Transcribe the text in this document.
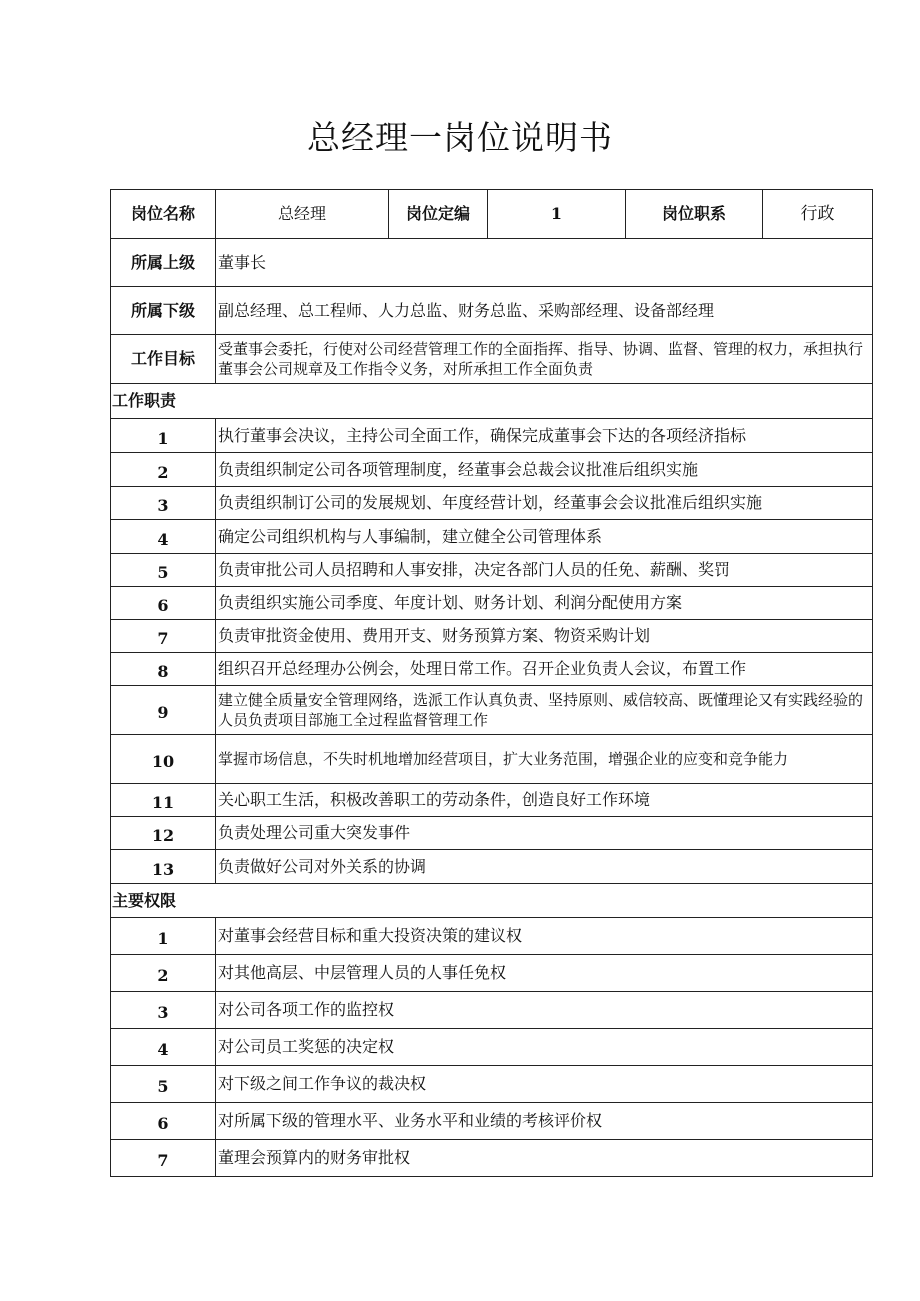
总经理一岗位说明书
岗位名称	总经理	岗位定编	1	岗位职系	行政
所属上级	董事长				
所属下级	副总经理、总工程师、人力总监、财务总监、采购部经理、设备部经理				
工作目标	受董事会委托，行使对公司经营管理工作的全面指挥、指导、协调、监督、管理的权力，承担执行董事会公司规章及工作指令义务，对所承担工作全面负责				
工作职责					
1	执行董事会决议，主持公司全面工作，确保完成董事会下达的各项经济指标				
2	负责组织制定公司各项管理制度，经董事会总裁会议批准后组织实施				
3	负责组织制订公司的发展规划、年度经营计划，经董事会会议批准后组织实施				
4	确定公司组织机构与人事编制，建立健全公司管理体系				
5	负责审批公司人员招聘和人事安排，决定各部门人员的任免、薪酬、奖罚				
6	负责组织实施公司季度、年度计划、财务计划、利润分配使用方案				
7	负责审批资金使用、费用开支、财务预算方案、物资采购计划				
8	组织召开总经理办公例会，处理日常工作。召开企业负责人会议，布置工作				
9	建立健全质量安全管理网络，选派工作认真负责、坚持原则、威信较高、既懂理论又有实践经验的人员负责项目部施工全过程监督管理工作				
10	掌握市场信息，不失时机地增加经营项目，扩大业务范围，增强企业的应变和竞争能力				
11	关心职工生活，积极改善职工的劳动条件，创造良好工作环境				
12	负责处理公司重大突发事件				
13	负责做好公司对外关系的协调				
主要权限					
1	对董事会经营目标和重大投资决策的建议权				
2	对其他高层、中层管理人员的人事任免权				
3	对公司各项工作的监控权				
4	对公司员工奖惩的决定权				
5	对下级之间工作争议的裁决权				
6	对所属下级的管理水平、业务水平和业绩的考核评价权				
7	董理会预算内的财务审批权				
